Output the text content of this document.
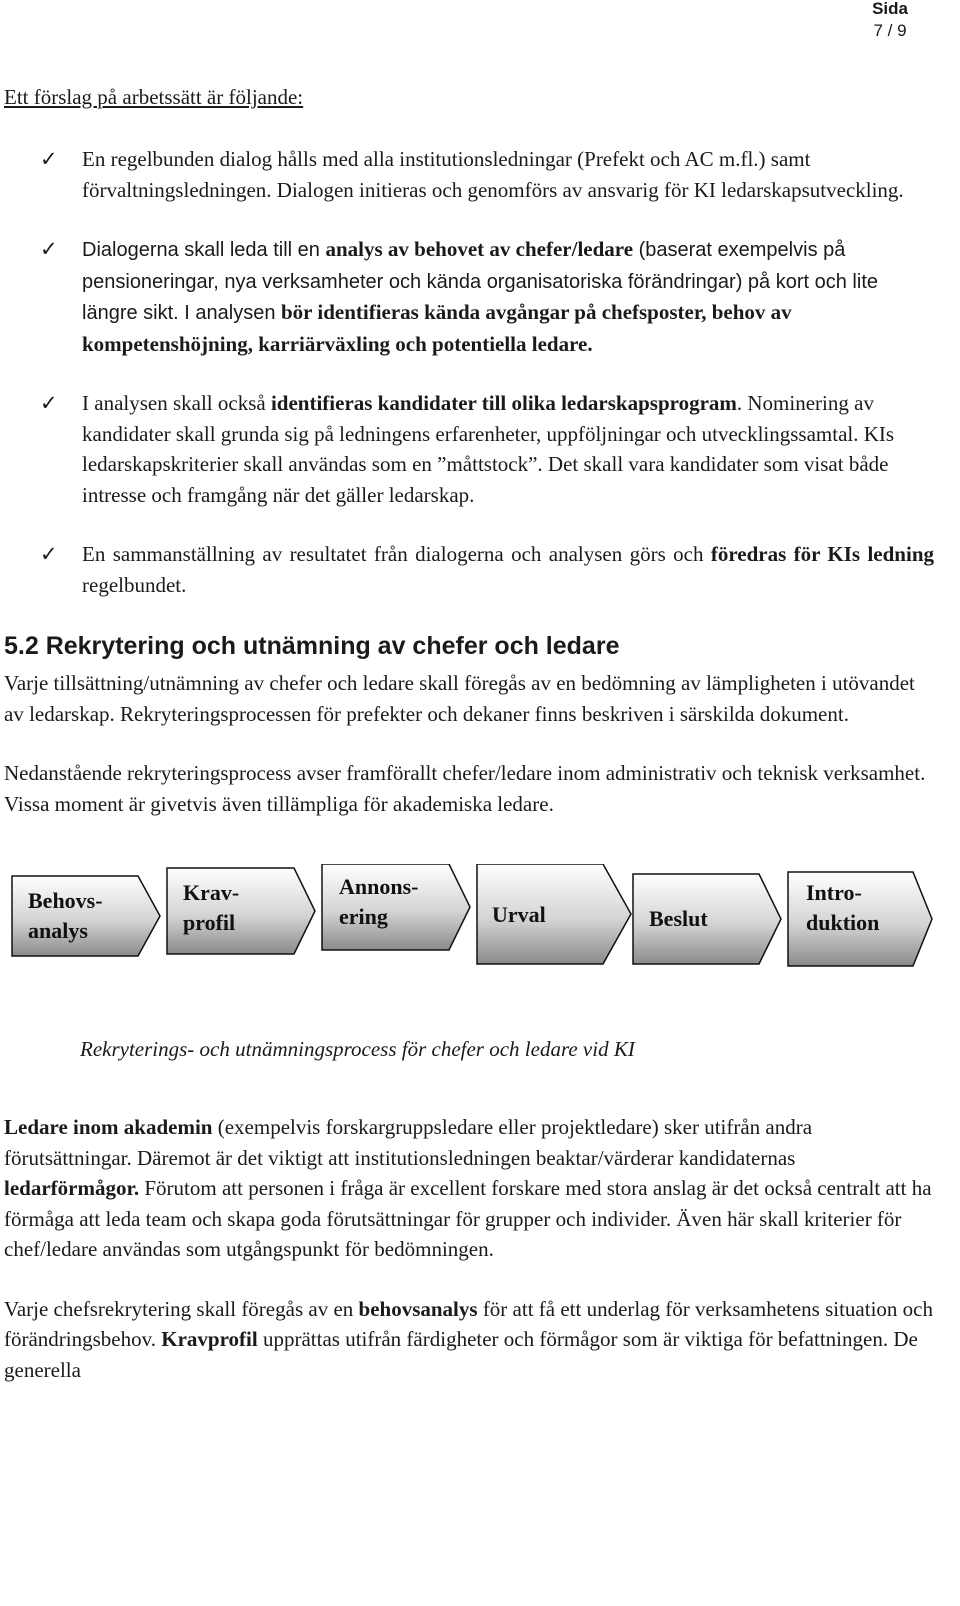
Sida
7 / 9
Ett förslag på arbetssätt är följande:
✓ En regelbunden dialog hålls med alla institutionsledningar (Prefekt och AC m.fl.) samt förvaltningsledningen. Dialogen initieras och genomförs av ansvarig för KI ledarskapsutveckling.
✓ Dialogerna skall leda till en analys av behovet av chefer/ledare (baserat exempelvis på pensioneringar, nya verksamheter och kända organisatoriska förändringar) på kort och lite längre sikt. I analysen bör identifieras kända avgångar på chefsposter, behov av kompetenshöjning, karriärväxling och potentiella ledare.
✓ I analysen skall också identifieras kandidater till olika ledarskapsprogram. Nominering av kandidater skall grunda sig på ledningens erfarenheter, uppföljningar och utvecklingssamtal. KIs ledarskapskriterier skall användas som en ”måttstock”. Det skall vara kandidater som visat både intresse och framgång när det gäller ledarskap.
✓ En sammanställning av resultatet från dialogerna och analysen görs och föredras för KIs ledning regelbundet.
5.2 Rekrytering och utnämning av chefer och ledare

Varje tillsättning/utnämning av chefer och ledare skall föregås av en bedömning av lämpligheten i utövandet av ledarskap. Rekryteringsprocessen för prefekter och dekaner finns beskriven i särskilda dokument.

Nedanstående rekryteringsprocess avser framförallt chefer/ledare inom administrativ och teknisk verksamhet. Vissa moment är givetvis även tillämpliga för akademiska ledare.

Behovs-
analys
Krav-
profil
Annons-
ering	Urval	Beslut
Intro-
duktion
Rekryterings- och utnämningsprocess för chefer och ledare vid KI

Ledare inom akademin (exempelvis forskargruppsledare eller projektledare) sker utifrån andra förutsättningar. Däremot är det viktigt att institutionsledningen beaktar/värderar kandidaternas ledarförmågor. Förutom att personen i fråga är excellent forskare med stora anslag är det också centralt att ha förmåga att leda team och skapa goda förutsättningar för grupper och individer. Även här skall kriterier för chef/ledare användas som utgångspunkt för bedömningen.

Varje chefsrekrytering skall föregås av en behovsanalys för att få ett underlag för verksamhetens situation och förändringsbehov. Kravprofil upprättas utifrån färdigheter och förmågor som är viktiga för befattningen. De generella
